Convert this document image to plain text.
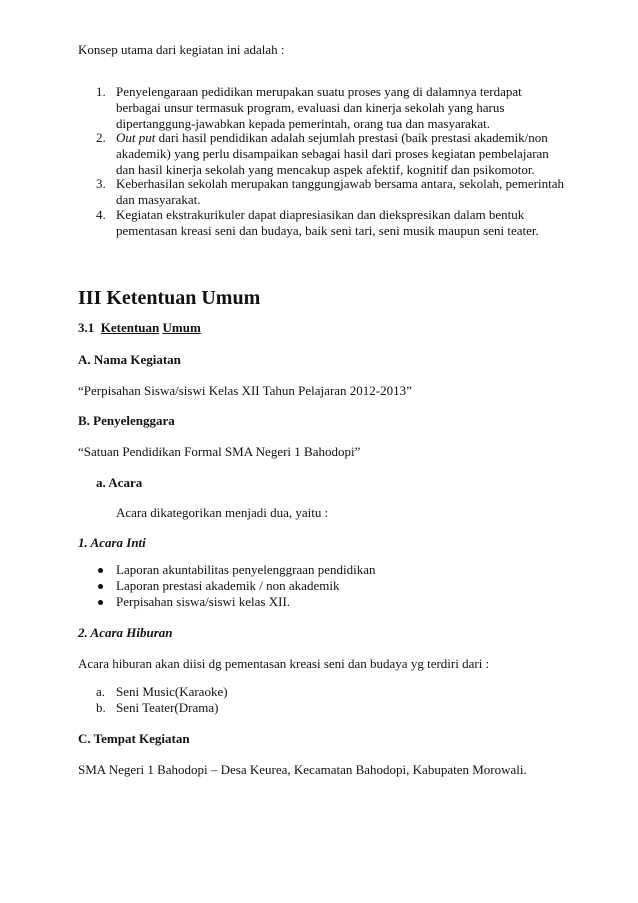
Konsep utama dari kegiatan ini adalah :
1. Penyelengaraan pedidikan merupakan suatu proses yang di dalamnya terdapat
berbagai unsur termasuk program, evaluasi dan kinerja sekolah yang harus
dipertanggung-jawabkan kepada pemerintah, orang tua dan masyarakat.
2. Out put dari hasil pendidikan adalah sejumlah prestasi (baik prestasi akademik/non
akademik) yang perlu disampaikan sebagai hasil dari proses kegiatan pembelajaran
dan hasil kinerja sekolah yang mencakup aspek afektif, kognitif dan psikomotor.
3. Keberhasilan sekolah merupakan tanggungjawab bersama antara, sekolah, pemerintah
dan masyarakat.
4. Kegiatan ekstrakurikuler dapat diapresiasikan dan diekspresikan dalam bentuk
pementasan kreasi seni dan budaya, baik seni tari, seni musik maupun seni teater.
III Ketentuan Umum
3.1 Ketentuan Umum
A. Nama Kegiatan
“Perpisahan Siswa/siswi Kelas XII Tahun Pelajaran 2012-2013”
B. Penyelenggara
“Satuan Pendidikan Formal SMA Negeri 1 Bahodopi”
a. Acara
Acara dikategorikan menjadi dua, yaitu :
1. Acara Inti
Laporan akuntabilitas penyelenggraan pendidikan
Laporan prestasi akademik / non akademik
Perpisahan siswa/siswi kelas XII.
2. Acara Hiburan
Acara hiburan akan diisi dg pementasan kreasi seni dan budaya yg terdiri dari :
a. Seni Music(Karaoke)
b. Seni Teater(Drama)
C. Tempat Kegiatan
SMA Negeri 1 Bahodopi – Desa Keurea, Kecamatan Bahodopi, Kabupaten Morowali.
